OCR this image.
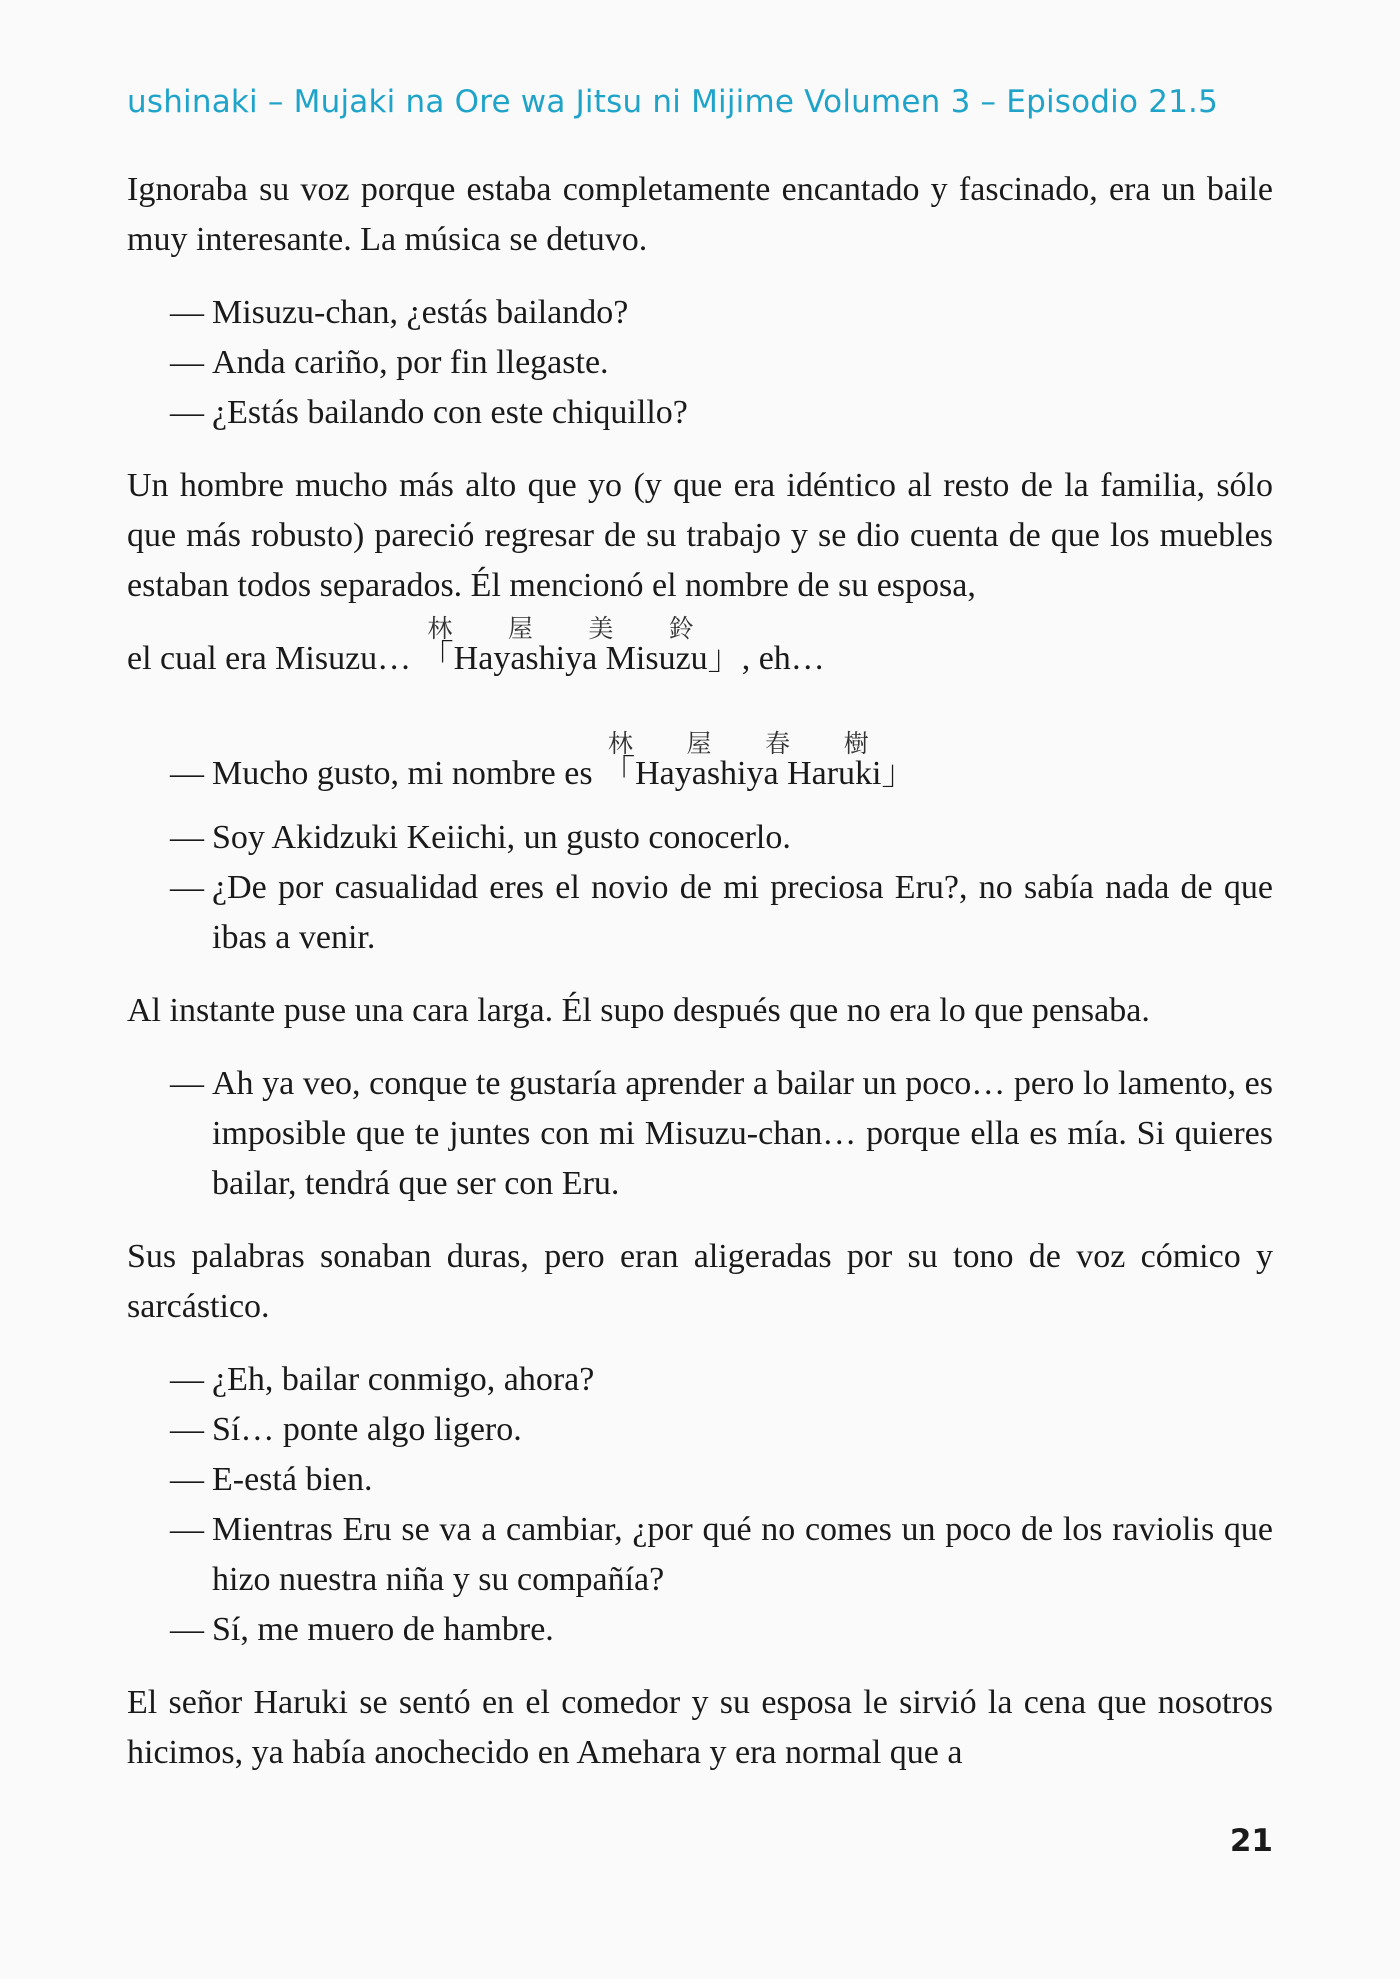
ushinaki – Mujaki na Ore wa Jitsu ni Mijime Volumen 3 – Episodio 21.5

Ignoraba su voz porque estaba completamente encantado y fascinado, era un baile muy interesante. La música se detuvo.

— Misuzu-chan, ¿estás bailando?
— Anda cariño, por fin llegaste.
— ¿Estás bailando con este chiquillo?

Un hombre mucho más alto que yo (y que era idéntico al resto de la familia, sólo que más robusto) pareció regresar de su trabajo y se dio cuenta de que los muebles estaban todos separados. Él mencionó el nombre de su esposa,

el cual era Misuzu… 「Hayashiya Misuzu」林屋美鈴, eh…

— Mucho gusto, mi nombre es 「Hayashiya Haruki」林屋春樹
— Soy Akidzuki Keiichi, un gusto conocerlo.
— ¿De por casualidad eres el novio de mi preciosa Eru?, no sabía nada de que ibas a venir.

Al instante puse una cara larga. Él supo después que no era lo que pensaba.

— Ah ya veo, conque te gustaría aprender a bailar un poco… pero lo lamento, es imposible que te juntes con mi Misuzu-chan… porque ella es mía. Si quieres bailar, tendrá que ser con Eru.

Sus palabras sonaban duras, pero eran aligeradas por su tono de voz cómico y sarcástico.

— ¿Eh, bailar conmigo, ahora?
— Sí… ponte algo ligero.
— E-está bien.
— Mientras Eru se va a cambiar, ¿por qué no comes un poco de los raviolis que hizo nuestra niña y su compañía?
— Sí, me muero de hambre.

El señor Haruki se sentó en el comedor y su esposa le sirvió la cena que nosotros hicimos, ya había anochecido en Amehara y era normal que a

21
